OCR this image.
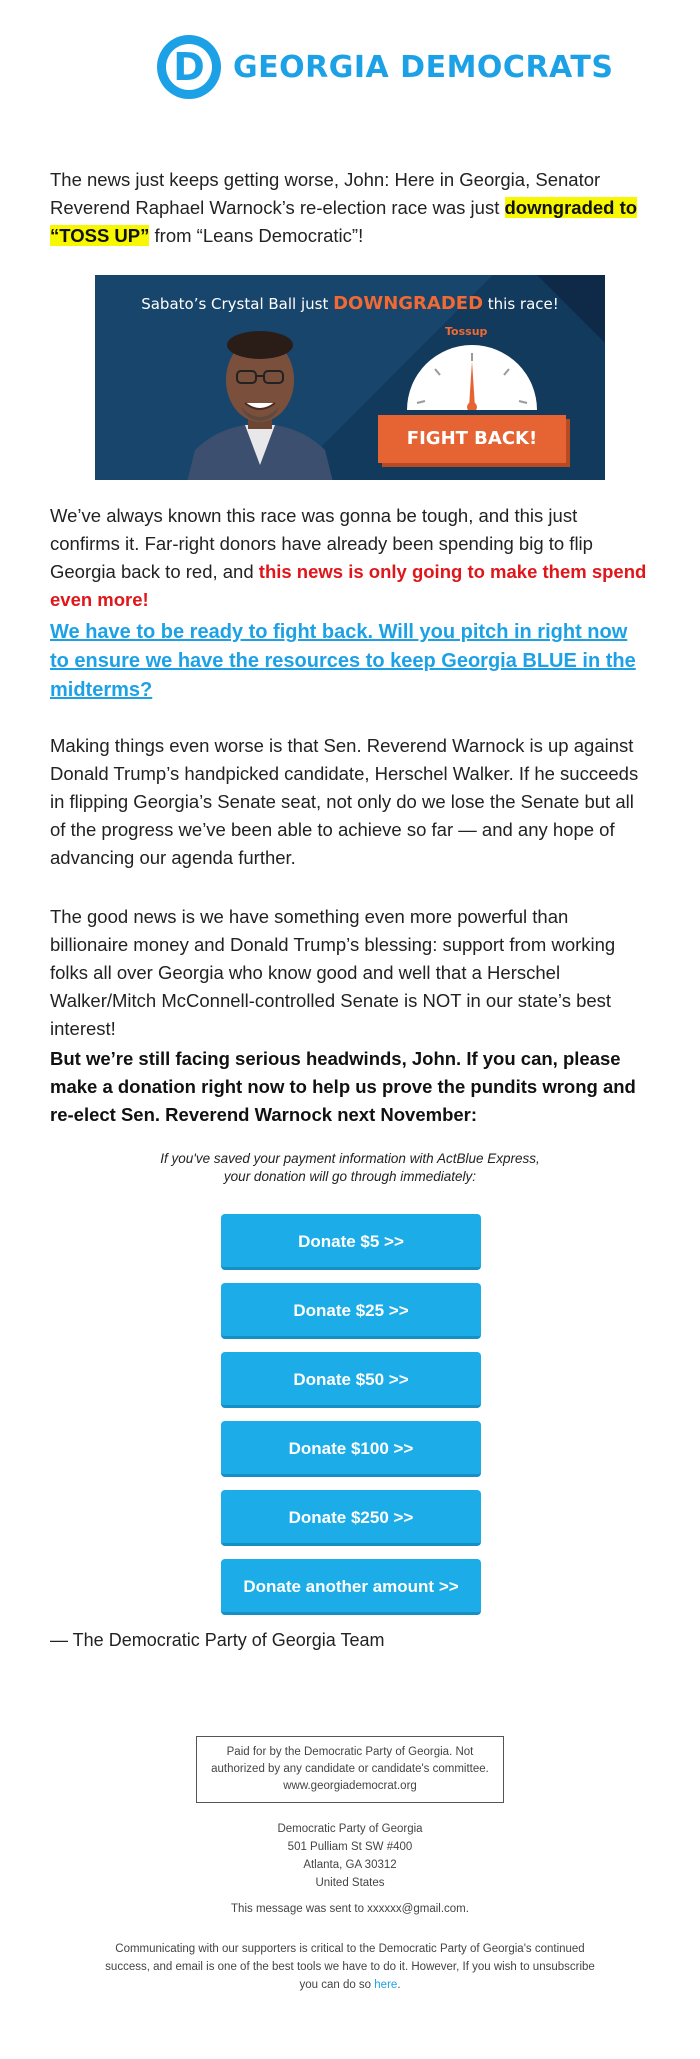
D GEORGIA DEMOCRATS
The news just keeps getting worse, John: Here in Georgia, Senator Reverend Raphael Warnock’s re-election race was just downgraded to “TOSS UP” from “Leans Democratic”!
Sabato’s Crystal Ball just DOWNGRADED this race!
Tossup
FIGHT BACK!
We’ve always known this race was gonna be tough, and this just confirms it. Far-right donors have already been spending big to flip Georgia back to red, and this news is only going to make them spend even more!
We have to be ready to fight back. Will you pitch in right now to ensure we have the resources to keep Georgia BLUE in the midterms?
Making things even worse is that Sen. Reverend Warnock is up against Donald Trump’s handpicked candidate, Herschel Walker. If he succeeds in flipping Georgia’s Senate seat, not only do we lose the Senate but all of the progress we’ve been able to achieve so far — and any hope of advancing our agenda further.
The good news is we have something even more powerful than billionaire money and Donald Trump’s blessing: support from working folks all over Georgia who know good and well that a Herschel Walker/Mitch McConnell-controlled Senate is NOT in our state’s best interest!
But we’re still facing serious headwinds, John. If you can, please make a donation right now to help us prove the pundits wrong and re-elect Sen. Reverend Warnock next November:
If you've saved your payment information with ActBlue Express,
your donation will go through immediately:
Donate $5 >>
Donate $25 >>
Donate $50 >>
Donate $100 >>
Donate $250 >>
Donate another amount >>
— The Democratic Party of Georgia Team
Paid for by the Democratic Party of Georgia. Not
authorized by any candidate or candidate's committee.
www.georgiademocrat.org
Democratic Party of Georgia
501 Pulliam St SW #400
Atlanta, GA 30312
United States
This message was sent to xxxxxx@gmail.com.
Communicating with our supporters is critical to the Democratic Party of Georgia's continued success, and email is one of the best tools we have to do it. However, If you wish to unsubscribe you can do so here.
